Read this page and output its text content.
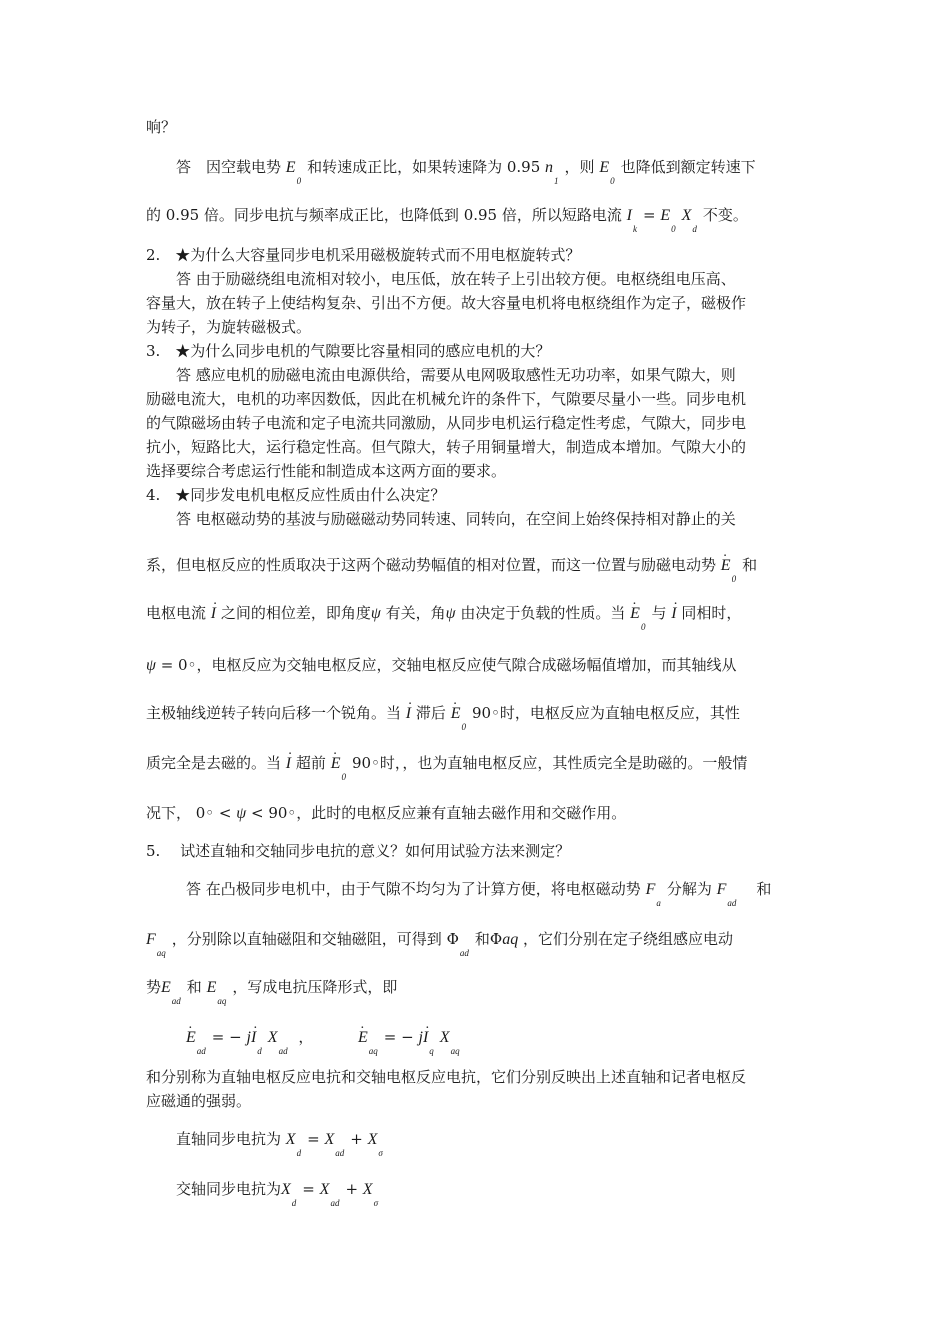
响？
答　因空载电势 $E_0$和转速成正比，如果转速降为 0.95 $n_1$，则 $E_0$也降低到额定转速下
的 0.95 倍。同步电抗与频率成正比，也降低到 0.95 倍，所以短路电流 $I_k= E_0X_d$不变。
2.　★为什么大容量同步电机采用磁极旋转式而不用电枢旋转式？
答 由于励磁绕组电流相对较小，电压低，放在转子上引出较方便。电枢绕组电压高、
容量大，放在转子上使结构复杂、引出不方便。故大容量电机将电枢绕组作为定子，磁极作
为转子，为旋转磁极式。
3.　★为什么同步电机的气隙要比容量相同的感应电机的大？
答 感应电机的励磁电流由电源供给，需要从电网吸取感性无功功率，如果气隙大，则
励磁电流大，电机的功率因数低，因此在机械允许的条件下，气隙要尽量小一些。同步电机
的气隙磁场由转子电流和定子电流共同激励，从同步电机运行稳定性考虑，气隙大，同步电
抗小，短路比大，运行稳定性高。但气隙大，转子用铜量增大，制造成本增加。气隙大小的
选择要综合考虑运行性能和制造成本这两方面的要求。
4.　★同步发电机电枢反应性质由什么决定？
答 电枢磁动势的基波与励磁磁动势同转速、同转向，在空间上始终保持相对静止的关
系，但电枢反应的性质取决于这两个磁动势幅值的相对位置，而这一位置与励磁电动势 · $E_0$和
电枢电流 · I 之间的相位差，即角度ψ 有关，角ψ 由决定于负载的性质。当 · $E_0$与 · I 同相时，
ψ = 0◦，电枢反应为交轴电枢反应，交轴电枢反应使气隙合成磁场幅值增加，而其轴线从
主极轴线逆转子转向后移一个锐角。当 · I 滞后 · $E_090◦$时，电枢反应为直轴电枢反应，其性
质完全是去磁的。当 · I 超前 · $E_090◦$时，，也为直轴电枢反应，其性质完全是助磁的。一般情
况下， 0◦ < ψ < 90◦，此时的电枢反应兼有直轴去磁作用和交磁作用。
5.　 试述直轴和交轴同步电抗的意义？如何用试验方法来测定？
答 在凸极同步电机中，由于气隙不均匀为了计算方便，将电枢磁动势 $F_a$分解为 $F_{ad}$和
$F_{aq}$，分别除以直轴磁阻和交轴磁阻，可得到 $\Phi_{ad}$和Φaq ，它们分别在定子绕组感应电动
势$E_{ad}$和 $E_{aq}$，写成电抗压降形式，即
· $E_{ad}= - j\cdot I_dX_{ad}$ ，	· $E_{aq}= - j\cdot I_qX_{aq}$
和分别称为直轴电枢反应电抗和交轴电枢反应电抗，它们分别反映出上述直轴和记者电枢反
应磁通的强弱。
直轴同步电抗为 $X_d= X_{ad}+ X_\sigma$
交轴同步电抗为$X_d= X_{ad}+ X_\sigma$
